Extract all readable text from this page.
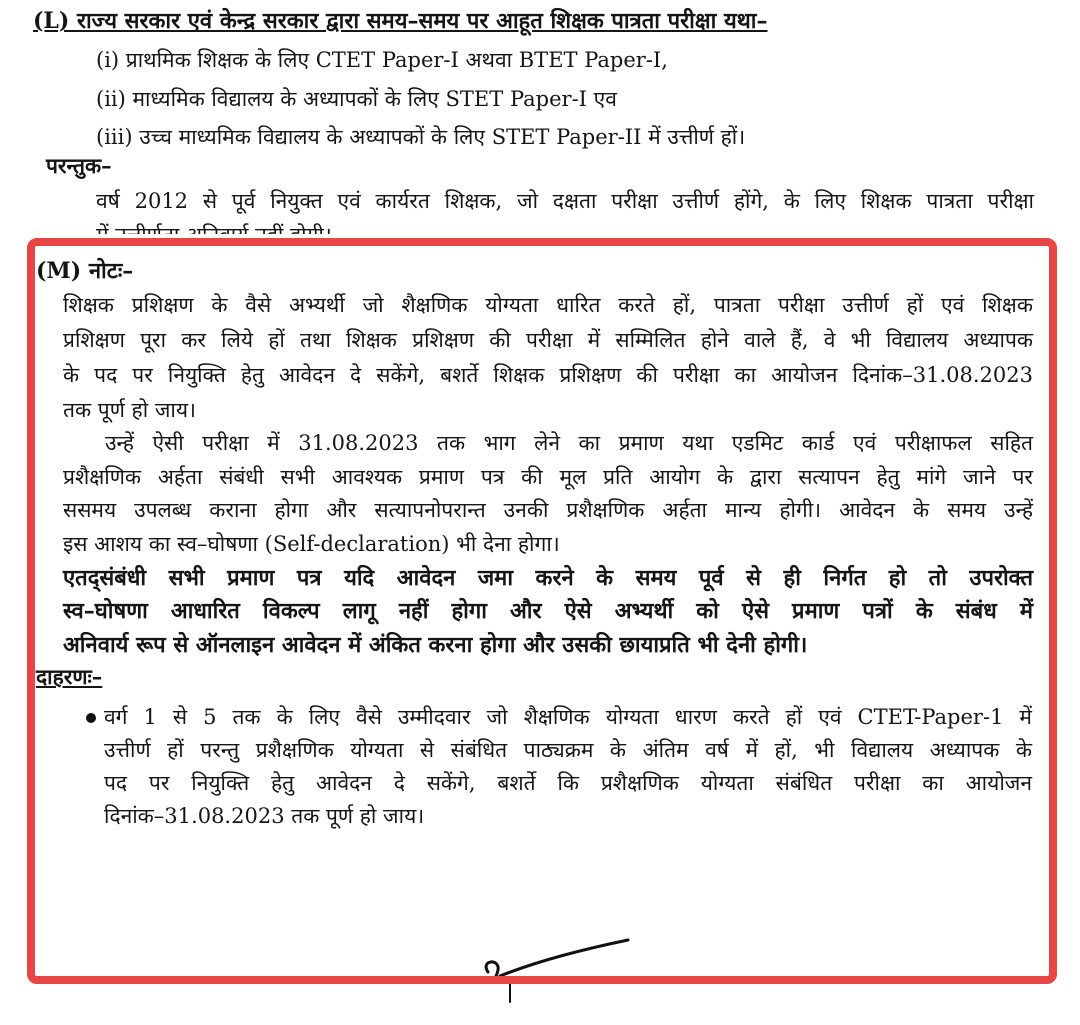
(L) राज्य सरकार एवं केन्द्र सरकार द्वारा समय–समय पर आहूत शिक्षक पात्रता परीक्षा यथा–
(i) प्राथमिक शिक्षक के लिए CTET Paper-I अथवा BTET Paper-I,
(ii) माध्यमिक विद्यालय के अध्यापकों के लिए STET Paper-I एव
(iii) उच्च माध्यमिक विद्यालय के अध्यापकों के लिए STET Paper-II में उत्तीर्ण हों।
परन्तुक–
वर्ष 2012 से पूर्व नियुक्त एवं कार्यरत शिक्षक, जो दक्षता परीक्षा उत्तीर्ण होंगे, के लिए शिक्षक पात्रता परीक्षा
(M) नोटः–
शिक्षक प्रशिक्षण के वैसे अभ्यर्थी जो शैक्षणिक योग्यता धारित करते हों, पात्रता परीक्षा उत्तीर्ण हों एवं शिक्षक
प्रशिक्षण पूरा कर लिये हों तथा शिक्षक प्रशिक्षण की परीक्षा में सम्मिलित होने वाले हैं, वे भी विद्यालय अध्यापक
के पद पर नियुक्ति हेतु आवेदन दे सकेंगे, बशर्ते शिक्षक प्रशिक्षण की परीक्षा का आयोजन दिनांक–31.08.2023
तक पूर्ण हो जाय।
उन्हें ऐसी परीक्षा में 31.08.2023 तक भाग लेने का प्रमाण यथा एडमिट कार्ड एवं परीक्षाफल सहित
प्रशैक्षणिक अर्हता संबंधी सभी आवश्यक प्रमाण पत्र की मूल प्रति आयोग के द्वारा सत्यापन हेतु मांगे जाने पर
ससमय उपलब्ध कराना होगा और सत्यापनोपरान्त उनकी प्रशैक्षणिक अर्हता मान्य होगी। आवेदन के समय उन्हें
इस आशय का स्व–घोषणा (Self-declaration) भी देना होगा।
एतद्संबंधी सभी प्रमाण पत्र यदि आवेदन जमा करने के समय पूर्व से ही निर्गत हो तो उपरोक्त
स्व–घोषणा आधारित विकल्प लागू नहीं होगा और ऐसे अभ्यर्थी को ऐसे प्रमाण पत्रों के संबंध में
अनिवार्य रूप से ऑनलाइन आवेदन में अंकित करना होगा और उसकी छायाप्रति भी देनी होगी।
दाहरणः–
वर्ग 1 से 5 तक के लिए वैसे उम्मीदवार जो शैक्षणिक योग्यता धारण करते हों एवं CTET-Paper-1 में
उत्तीर्ण हों परन्तु प्रशैक्षणिक योग्यता से संबंधित पाठ्यक्रम के अंतिम वर्ष में हों, भी विद्यालय अध्यापक के
पद पर नियुक्ति हेतु आवेदन दे सकेंगे, बशर्ते कि प्रशैक्षणिक योग्यता संबंधित परीक्षा का आयोजन
दिनांक–31.08.2023 तक पूर्ण हो जाय।
